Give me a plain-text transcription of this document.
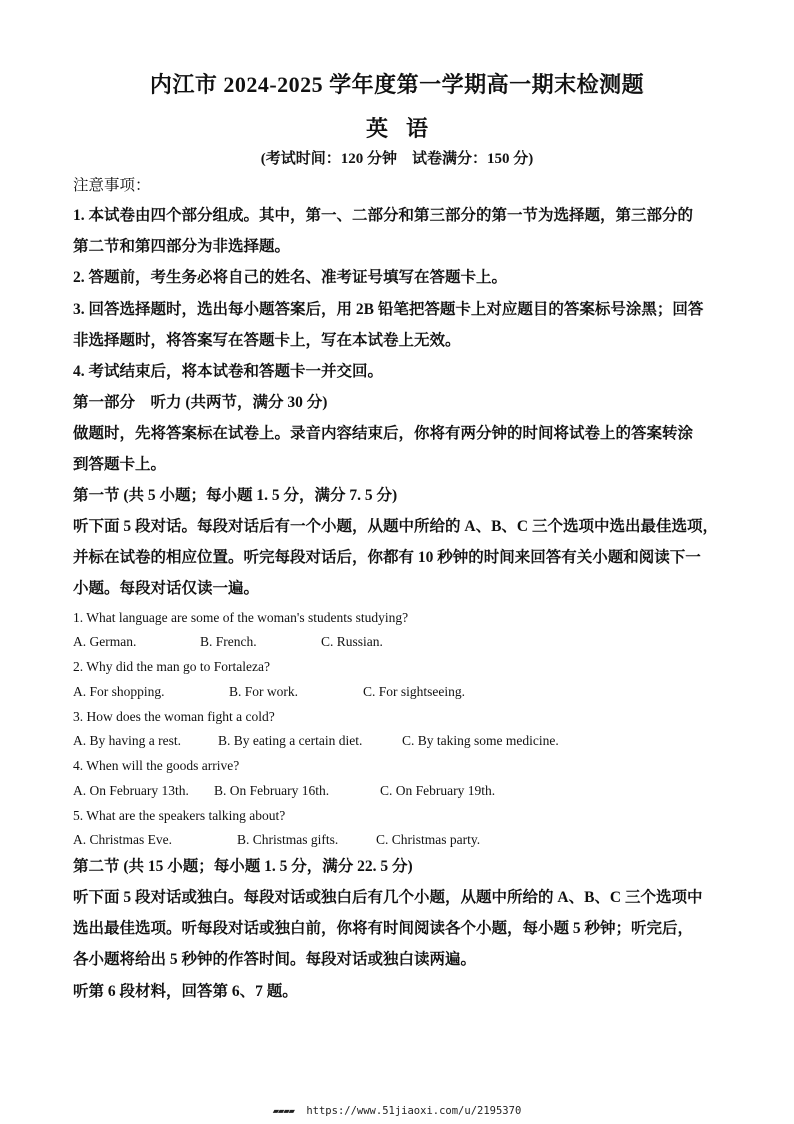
内江市 2024-2025 学年度第一学期高一期末检测题
英语
(考试时间：120 分钟　试卷满分：150 分)
注意事项：
1. 本试卷由四个部分组成。其中，第一、二部分和第三部分的第一节为选择题，第三部分的
第二节和第四部分为非选择题。
2. 答题前，考生务必将自己的姓名、准考证号填写在答题卡上。
3. 回答选择题时，选出每小题答案后，用 2B 铅笔把答题卡上对应题目的答案标号涂黑；回答
非选择题时，将答案写在答题卡上，写在本试卷上无效。
4. 考试结束后，将本试卷和答题卡一并交回。
第一部分　听力 (共两节，满分 30 分)
做题时，先将答案标在试卷上。录音内容结束后，你将有两分钟的时间将试卷上的答案转涂
到答题卡上。
第一节 (共 5 小题；每小题 1. 5 分，满分 7. 5 分)
听下面 5 段对话。每段对话后有一个小题，从题中所给的 A、B、C 三个选项中选出最佳选项，
并标在试卷的相应位置。听完每段对话后，你都有 10 秒钟的时间来回答有关小题和阅读下一
小题。每段对话仅读一遍。
1. What language are some of the woman's students studying?
A. German.	B. French.	C. Russian.
2. Why did the man go to Fortaleza?
A. For shopping.	B. For work.	C. For sightseeing.
3. How does the woman fight a cold?
A. By having a rest.	B. By eating a certain diet.	C. By taking some medicine.
4. When will the goods arrive?
A. On February 13th. B. On February 16th.	C. On February 19th.
5. What are the speakers talking about?
A. Christmas Eve.	B. Christmas gifts.	C. Christmas party.
第二节 (共 15 小题；每小题 1. 5 分，满分 22. 5 分)
听下面 5 段对话或独白。每段对话或独白后有几个小题，从题中所给的 A、B、C 三个选项中
选出最佳选项。听每段对话或独白前，你将有时间阅读各个小题，每小题 5 秒钟；听完后，
各小题将给出 5 秒钟的作答时间。每段对话或独白读两遍。
听第 6 段材料，回答第 6、7 题。
▰▰▰▰ https://www.51jiaoxi.com/u/2195370
